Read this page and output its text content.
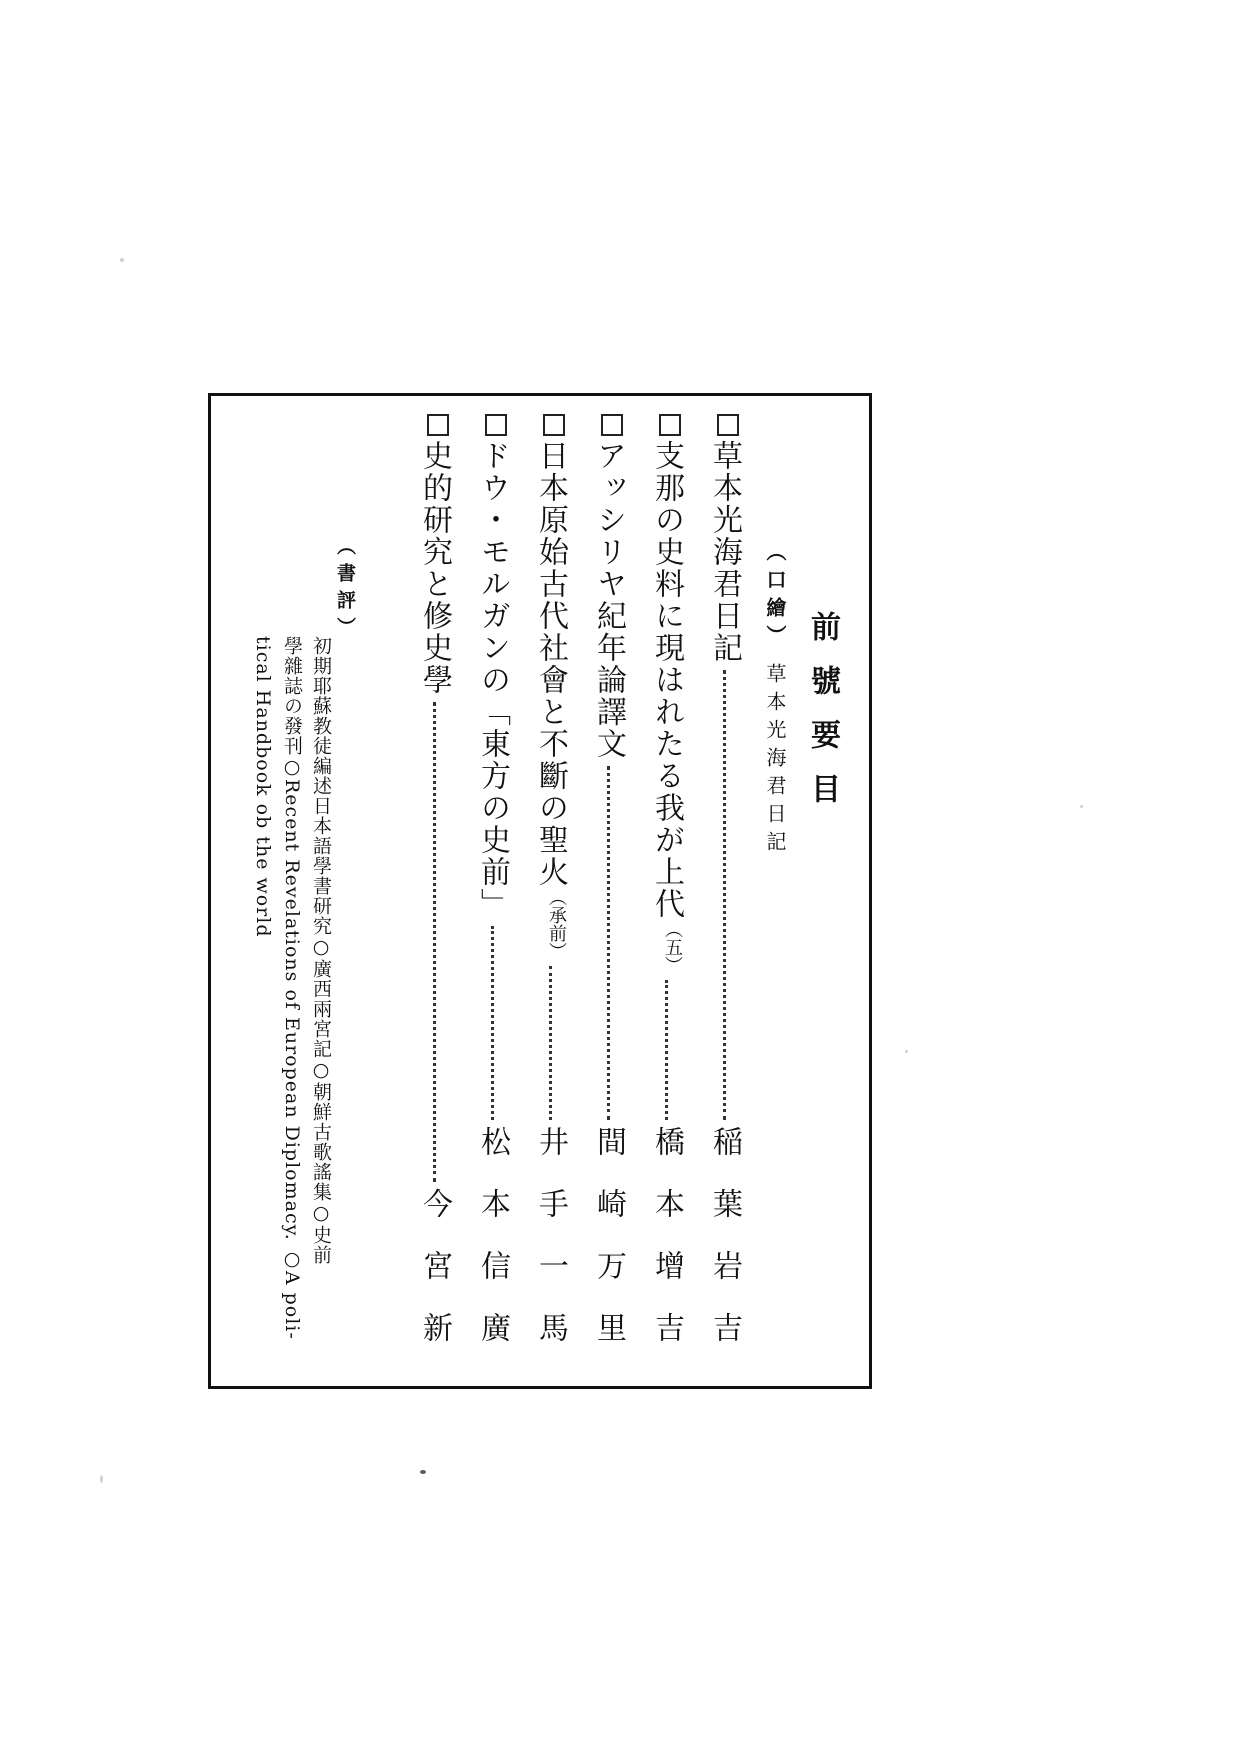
前號要目
（口繪）
草本光海君日記
草本光海君日記
稲葉岩吉
支那の史料に現はれたる我が上代
（五）
橋本增吉
アッシリヤ紀年論譯文
間崎万里
日本原始古代社會と不斷の聖火
（承前）
井手一馬
ドウ・モルガンの「東方の史前」
松本信廣
史的研究と修史學
今宮新
（書評）
初期耶蘇教徒編述日本語學書研究○廣西兩宮記○朝鮮古歌謠集○史前
學雜誌の發刊○Recent Revelations of European Diplomacy. ○A poli-
tical Handbook ob the world
